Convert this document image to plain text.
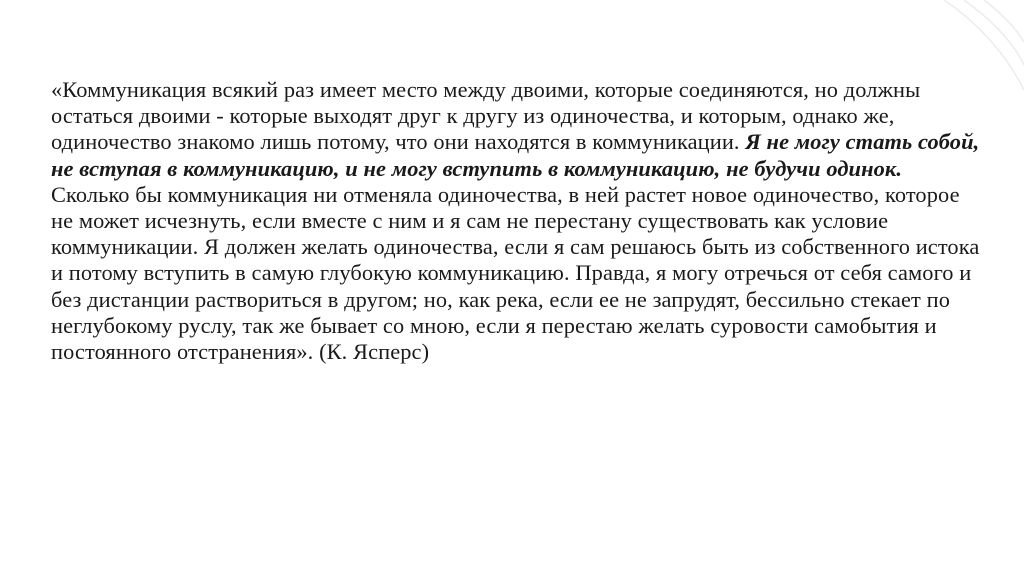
«Коммуникация всякий раз имеет место между двоими, которые соединяются, но должны остаться двоими - которые выходят друг к другу из одиночества, и которым, однако же, одиночество знакомо лишь потому, что они находятся в коммуникации. Я не могу стать собой, не вступая в коммуникацию, и не могу вступить в коммуникацию, не будучи одинок. Сколько бы коммуникация ни отменяла одиночества, в ней растет новое одиночество, которое не может исчезнуть, если вместе с ним и я сам не перестану существовать как условие коммуникации. Я должен желать одиночества, если я сам решаюсь быть из собственного истока и потому вступить в самую глубокую коммуникацию. Правда, я могу отречься от себя самого и без дистанции раствориться в другом; но, как река, если ее не запрудят, бессильно стекает по неглубокому руслу, так же бывает со мною, если я перестаю желать суровости самобытия и постоянного отстранения». (К. Ясперс)
